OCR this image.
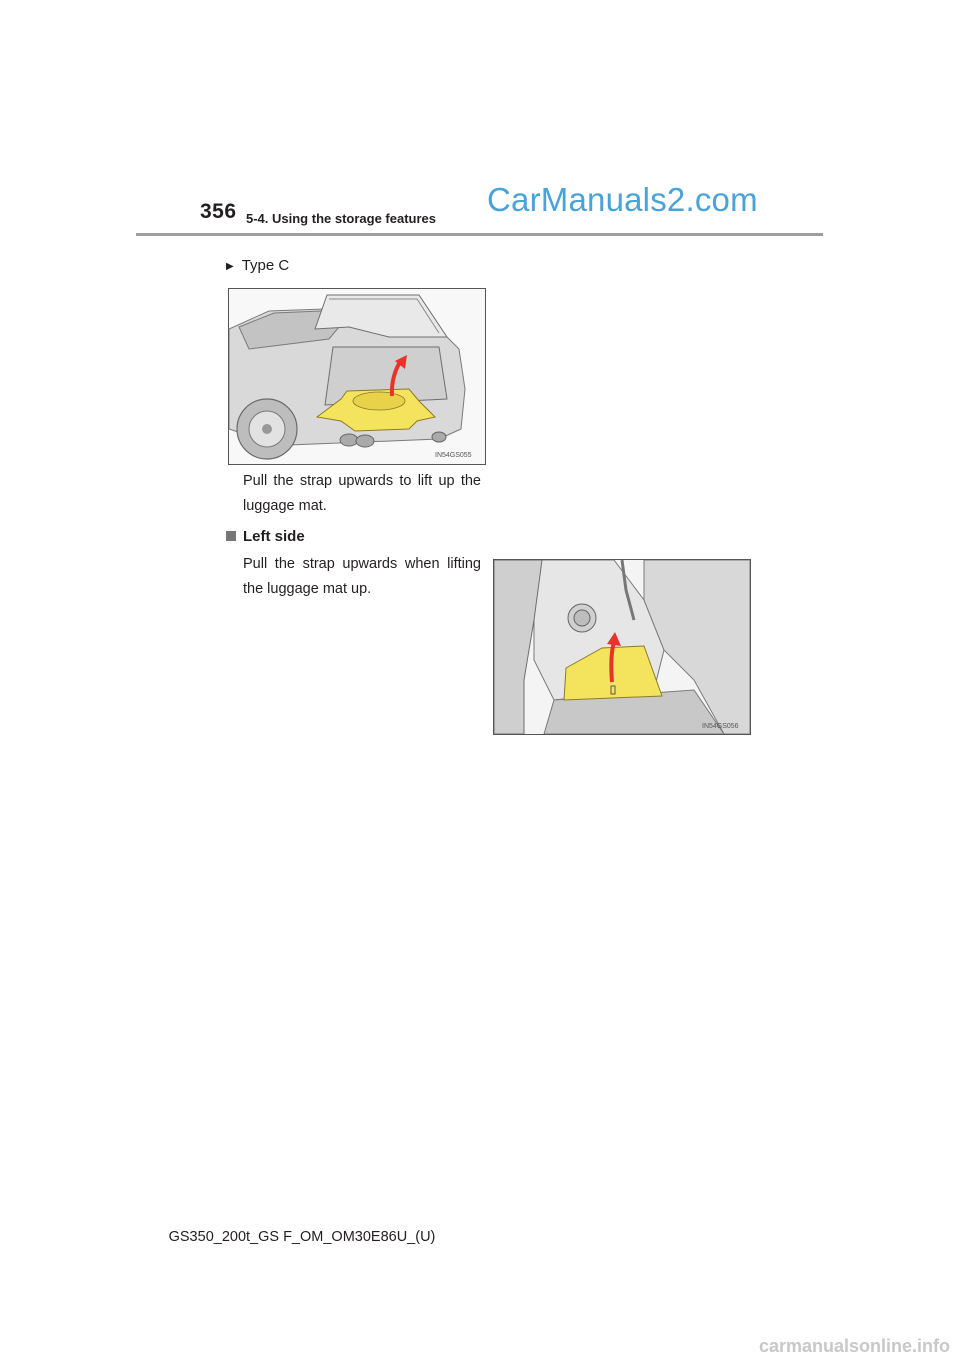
356 5-4. Using the storage features
CarManuals2.com
▶ Type C
IN54GS055
Pull the strap upwards to lift up the luggage mat.
Left side
Pull the strap upwards when lifting the luggage mat up.
IN54GS056
GS350_200t_GS F_OM_OM30E86U_(U)
carmanualsonline.info
